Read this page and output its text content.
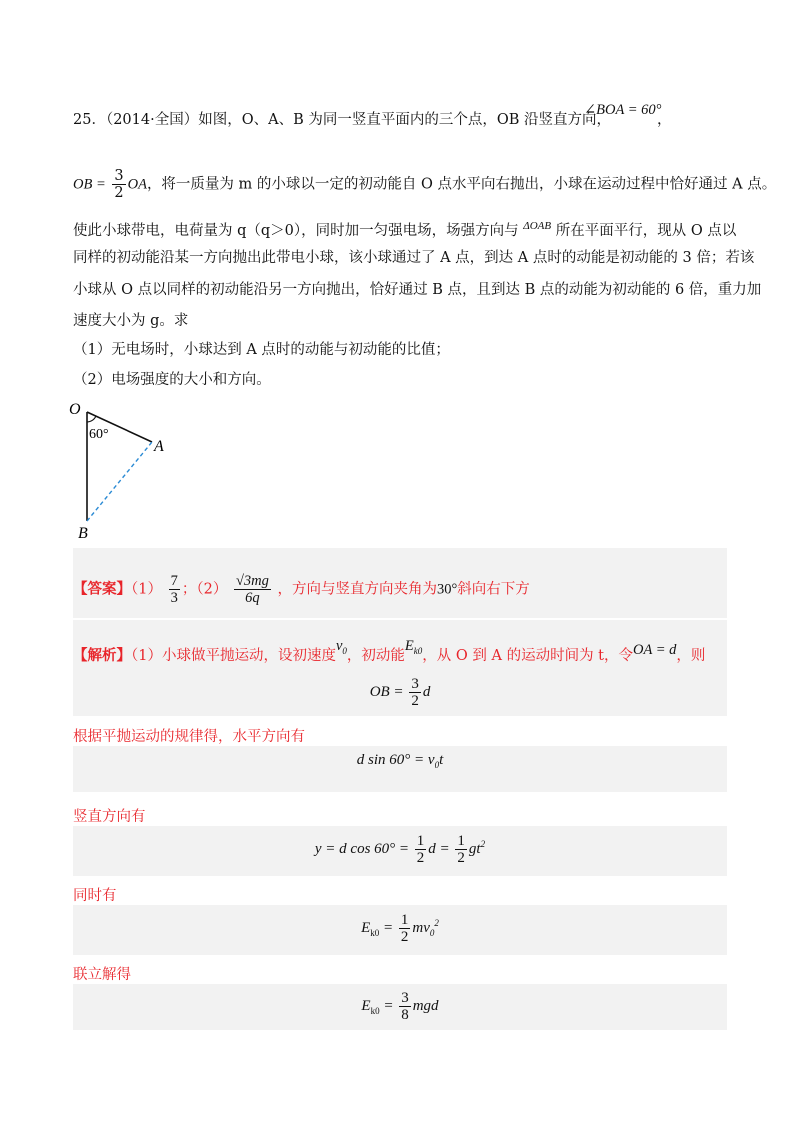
25．（2014·全国）如图，O、A、B 为同一竖直平面内的三个点，OB 沿竖直方向，
∠BOA = 60°
，
OB = $\frac{3}{2}$ OA，将一质量为 m 的小球以一定的初动能自 O 点水平向右抛出，小球在运动过程中恰好通过 A 点。
使此小球带电，电荷量为 q（q＞0），同时加一匀强电场，场强方向与 $^{\Delta OAB}$ 所在平面平行，现从 O 点以
同样的初动能沿某一方向抛出此带电小球，该小球通过了 A 点，到达 A 点时的动能是初动能的 3 倍；若该
小球从 O 点以同样的初动能沿另一方向抛出，恰好通过 B 点，且到达 B 点的动能为初动能的 6 倍，重力加
速度大小为 g。求
（1）无电场时，小球达到 A 点时的动能与初动能的比值；
（2）电场强度的大小和方向。
O
A
B
60°
【答案】$(1) \frac{7}{3}$ ；$(2) \frac{√3mg}{6q}$ ，方向与竖直方向夹角为30°斜向右下方
【解析】（1）小球做平抛运动，设初速度$v_0$，初动能$E_{k0}$，从 O 到 A 的运动时间为 t，令OA = d，则
OB = $\frac{3}{2}$ d
根据平抛运动的规律得，水平方向有
d $\sin 60^\circ = v_0t$
竖直方向有
y = d $\cos 60^\circ = \frac{1}{2}$ $d = \frac{1}{2} gt^2$
同时有
$E_{k0} = \frac{1}{2} mv_0^2$
联立解得
$E_{k0} = \frac{3}{8}$ mgd
